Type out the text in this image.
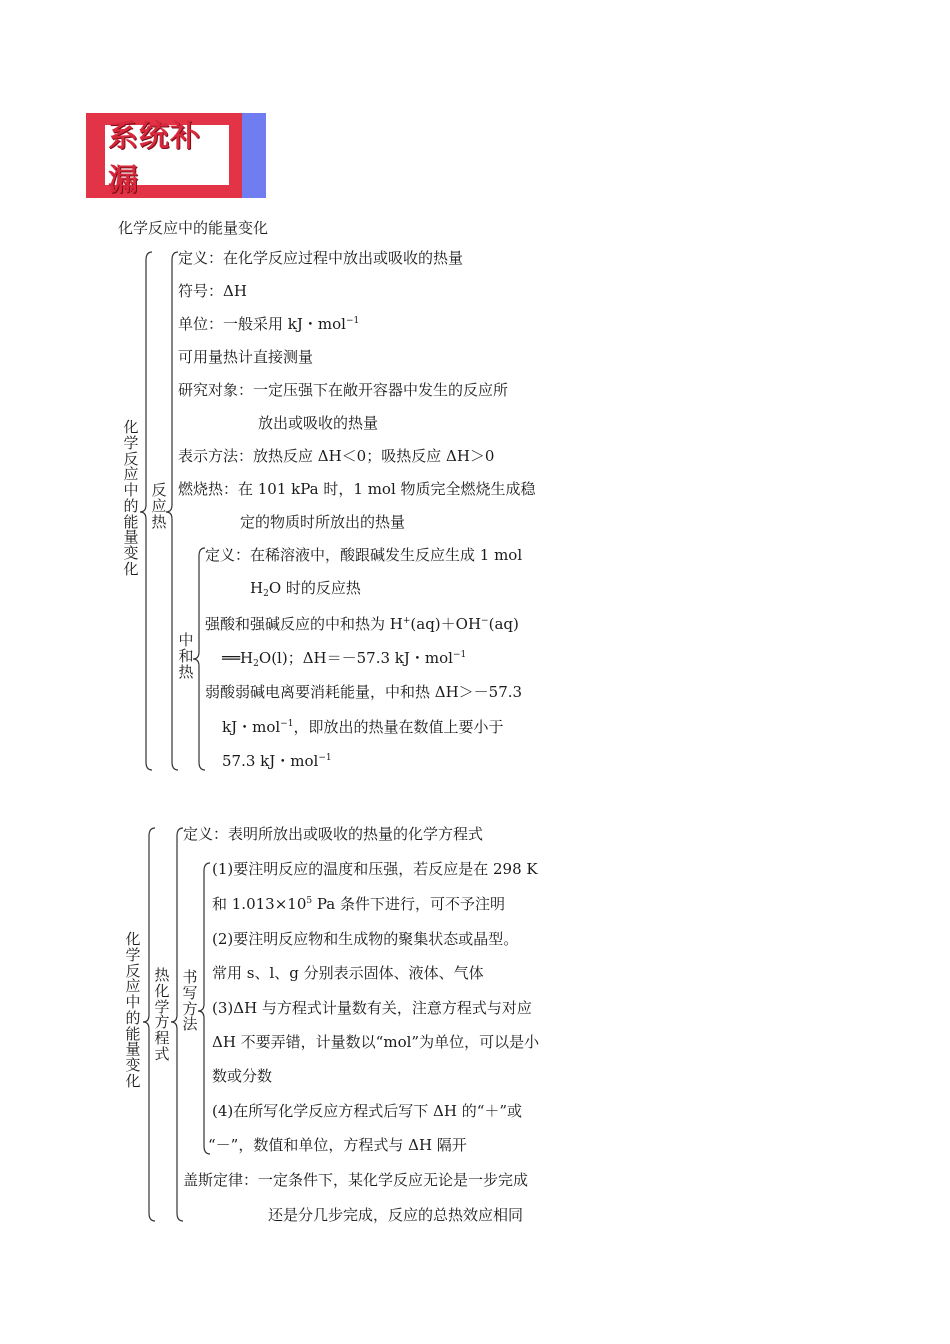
系统补漏
化学反应中的能量变化
化学反应中的能量变化
反应热
中和热
定义：在化学反应过程中放出或吸收的热量
符号：ΔH
单位：一般采用 kJ・mol$^{-1}$
可用量热计直接测量
研究对象：一定压强下在敞开容器中发生的反应所
放出或吸收的热量
表示方法：放热反应 ΔH＜0；吸热反应 ΔH＞0
燃烧热：在 101 kPa 时，1 mol 物质完全燃烧生成稳
定的物质时所放出的热量
定义：在稀溶液中，酸跟碱发生反应生成 1 mol
$H_2O$ 时的反应热
强酸和强碱反应的中和热为 H+(aq)＋OH−(aq)
$══H_2O(l)$；ΔH＝－57.3 kJ・mol$^{-1}$
弱酸弱碱电离要消耗能量，中和热 ΔH＞－57.3
kJ・mol$^{-1}$，即放出的热量在数值上要小于
57.3 kJ・mol$^{-1}$
化学反应中的能量变化
热化学方程式
书写方法
定义：表明所放出或吸收的热量的化学方程式
(1)要注明反应的温度和压强，若反应是在 298 K
和 $1.013\times 10^5$ Pa 条件下进行，可不予注明
(2)要注明反应物和生成物的聚集状态或晶型。
常用 s、l、g 分别表示固体、液体、气体
(3)ΔH 与方程式计量数有关，注意方程式与对应
ΔH 不要弄错，计量数以“mol”为单位，可以是小
数或分数
(4)在所写化学反应方程式后写下 ΔH 的“＋”或
“－”，数值和单位，方程式与 ΔH 隔开
盖斯定律：一定条件下，某化学反应无论是一步完成
还是分几步完成，反应的总热效应相同
